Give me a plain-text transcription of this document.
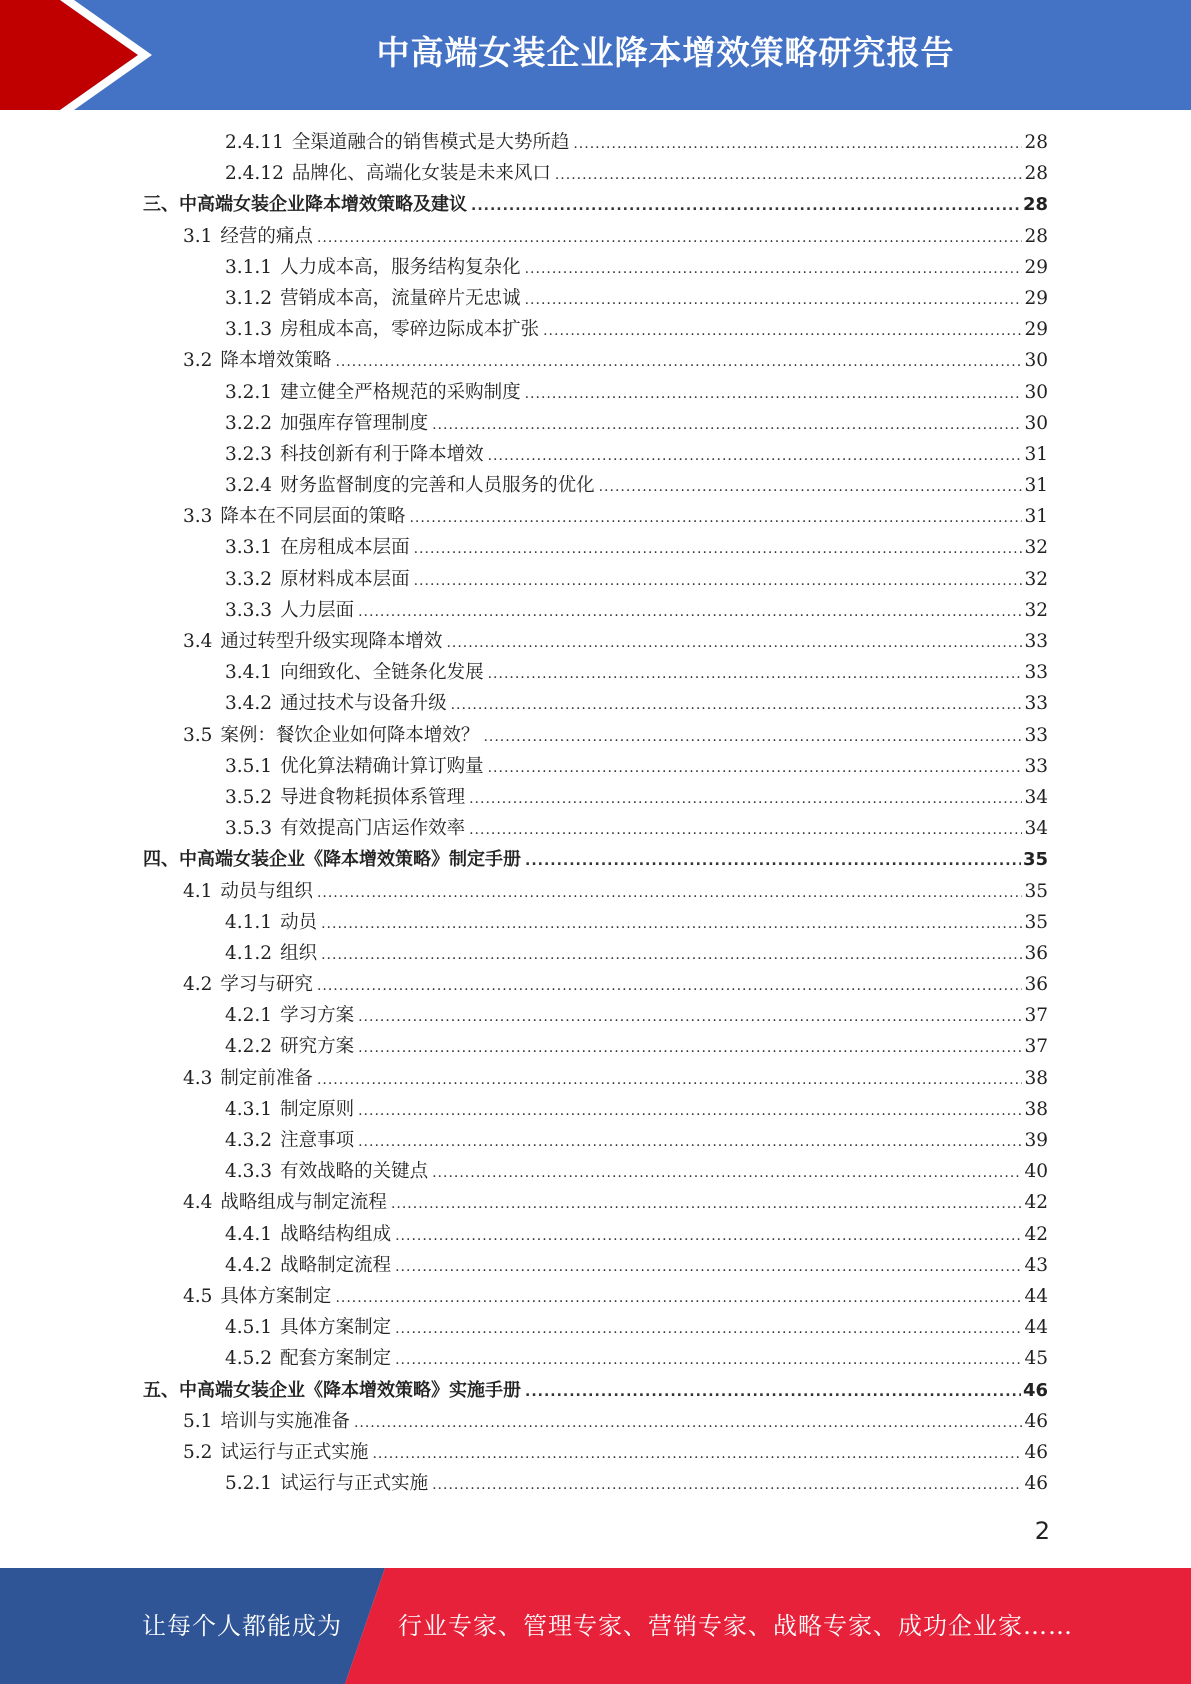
中高端女装企业降本增效策略研究报告
2.4.11 全渠道融合的销售模式是大势所趋 .....	28
2.4.12 品牌化、高端化女装是未来风口 .....	28
三、中高端女装企业降本增效策略及建议 .....	28
3.1 经营的痛点 .....	28
3.1.1 人力成本高，服务结构复杂化 .....	29
3.1.2 营销成本高，流量碎片无忠诚 .....	29
3.1.3 房租成本高，零碎边际成本扩张 .....	29
3.2 降本增效策略 .....	30
3.2.1 建立健全严格规范的采购制度 .....	30
3.2.2 加强库存管理制度 .....	30
3.2.3 科技创新有利于降本增效 .....	31
3.2.4 财务监督制度的完善和人员服务的优化 .....	31
3.3 降本在不同层面的策略 .....	31
3.3.1 在房租成本层面 .....	32
3.3.2 原材料成本层面 .....	32
3.3.3 人力层面 .....	32
3.4 通过转型升级实现降本增效 .....	33
3.4.1 向细致化、全链条化发展 .....	33
3.4.2 通过技术与设备升级 .....	33
3.5 案例：餐饮企业如何降本增效？ .....	33
3.5.1 优化算法精确计算订购量 .....	33
3.5.2 导进食物耗损体系管理 .....	34
3.5.3 有效提高门店运作效率 .....	34
四、中高端女装企业《降本增效策略》制定手册 .....	35
4.1 动员与组织 .....	35
4.1.1 动员 .....	35
4.1.2 组织 .....	36
4.2 学习与研究 .....	36
4.2.1 学习方案 .....	37
4.2.2 研究方案 .....	37
4.3 制定前准备 .....	38
4.3.1 制定原则 .....	38
4.3.2 注意事项 .....	39
4.3.3 有效战略的关键点 .....	40
4.4 战略组成与制定流程 .....	42
4.4.1 战略结构组成 .....	42
4.4.2 战略制定流程 .....	43
4.5 具体方案制定 .....	44
4.5.1 具体方案制定 .....	44
4.5.2 配套方案制定 .....	45
五、中高端女装企业《降本增效策略》实施手册 .....	46
5.1 培训与实施准备 .....	46
5.2 试运行与正式实施 .....	46
5.2.1 试运行与正式实施 .....	46
2
让每个人都能成为 行业专家、管理专家、营销专家、战略专家、成功企业家……
